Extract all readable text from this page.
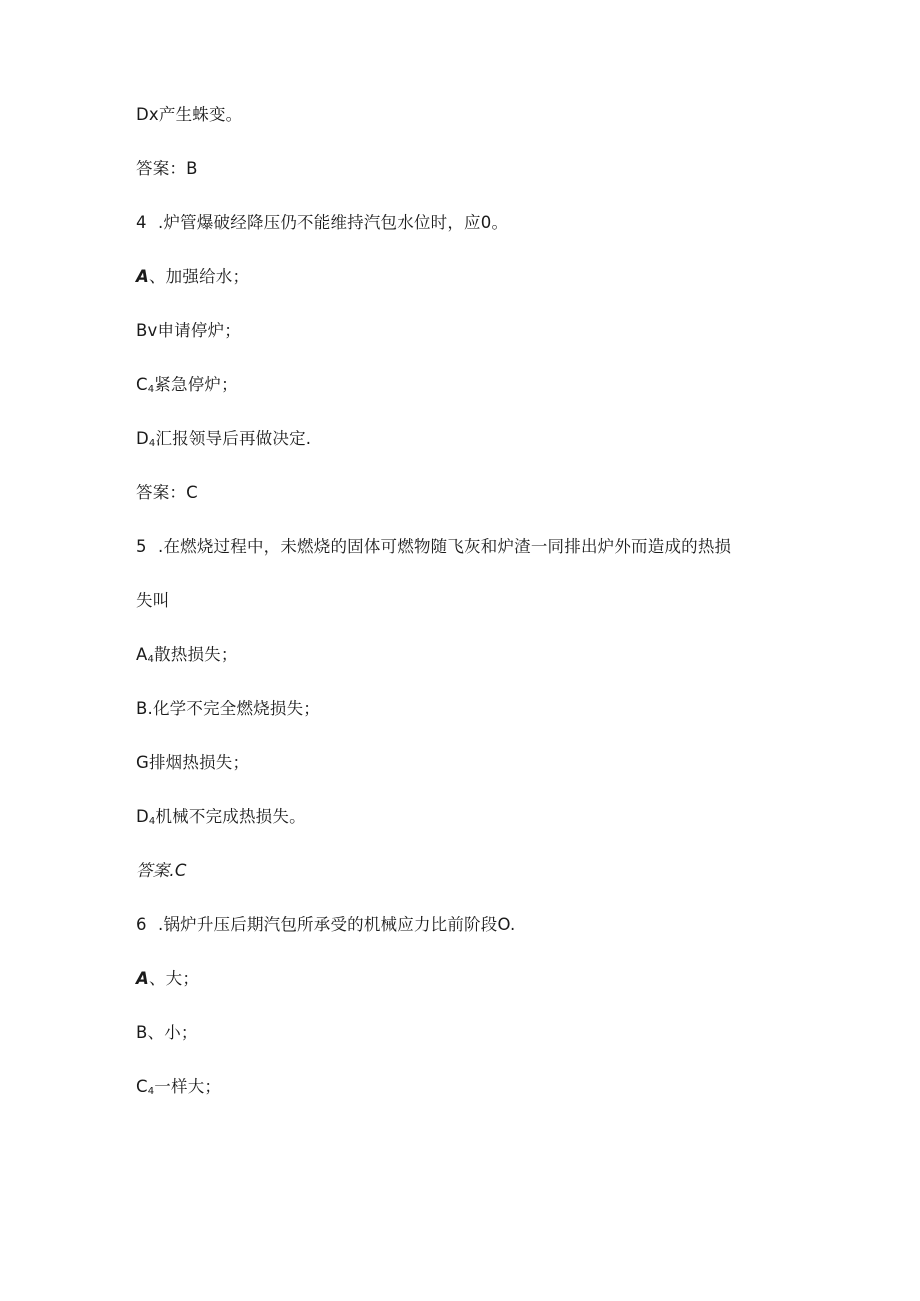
Dx产生蛛变。
答案：B
4 .炉管爆破经降压仍不能维持汽包水位时，应0。
A、加强给水；
Bv申请停炉；
$C_4$紧急停炉；
$D_4$汇报领导后再做决定.
答案：C
5 .在燃烧过程中，未燃烧的固体可燃物随飞灰和炉渣一同排出炉外而造成的热损
失叫
$A_4$散热损失；
B.化学不完全燃烧损失；
G排烟热损失；
$D_4$机械不完成热损失。
答案.C
6 .锅炉升压后期汽包所承受的机械应力比前阶段O.
A、大；
B、小；
$C_4$一样大；
